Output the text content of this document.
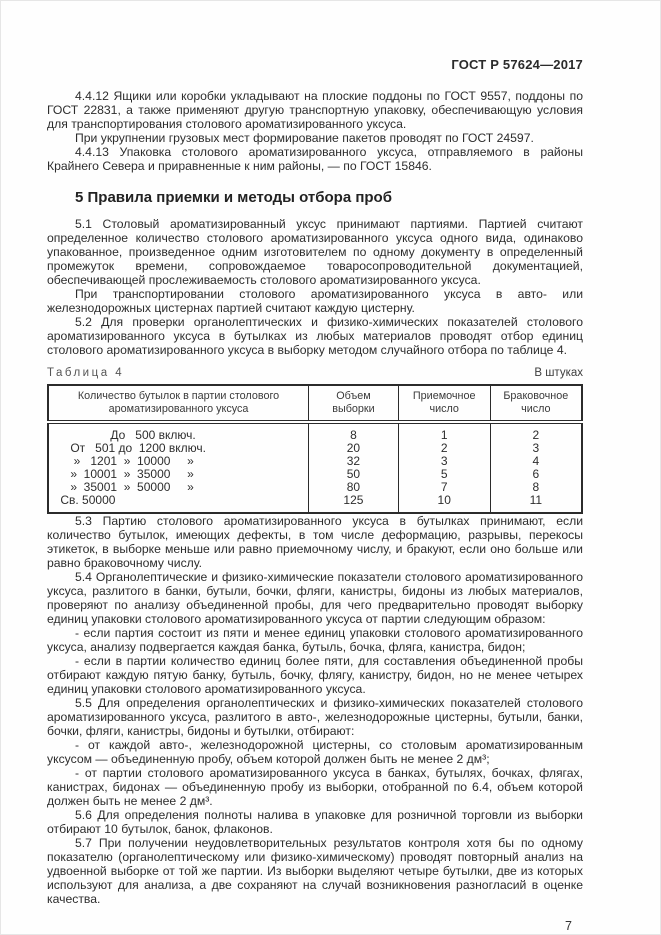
ГОСТ Р 57624—2017

4.4.12 Ящики или коробки укладывают на плоские поддоны по ГОСТ 9557, поддоны по ГОСТ 22831, а также применяют другую транспортную упаковку, обеспечивающую условия для транспортирования столового ароматизированного уксуса.

При укрупнении грузовых мест формирование пакетов проводят по ГОСТ 24597.

4.4.13 Упаковка столового ароматизированного уксуса, отправляемого в районы Крайнего Севера и приравненные к ним районы, — по ГОСТ 15846.

5 Правила приемки и методы отбора проб

5.1 Столовый ароматизированный уксус принимают партиями. Партией считают определенное количество столового ароматизированного уксуса одного вида, одинаково упакованное, произведенное одним изготовителем по одному документу в определенный промежуток времени, сопровождаемое товаросопроводительной документацией, обеспечивающей прослеживаемость столового ароматизированного уксуса.

При транспортировании столового ароматизированного уксуса в авто- или железнодорожных цистернах партией считают каждую цистерну.

5.2 Для проверки органолептических и физико-химических показателей столового ароматизированного уксуса в бутылках из любых материалов проводят отбор единиц столового ароматизированного уксуса в выборку методом случайного отбора по таблице 4.

Таблица 4	В штуках
Количество бутылок в партии столового ароматизированного уксуса	Объем выборки	Приемочное число	Браковочное число
До   500 включ.	8	1	2
От   501 до  1200 включ.	20	2	3
»   1201  »  10000     »	32	3	4
»  10001  »  35000     »	50	5	6
»  35001  »  50000     »	80	7	8
Св. 50000	125	10	11

5.3 Партию столового ароматизированного уксуса в бутылках принимают, если количество бутылок, имеющих дефекты, в том числе деформацию, разрывы, перекосы этикеток, в выборке меньше или равно приемочному числу, и бракуют, если оно больше или равно браковочному числу.

5.4 Органолептические и физико-химические показатели столового ароматизированного уксуса, разлитого в банки, бутыли, бочки, фляги, канистры, бидоны из любых материалов, проверяют по анализу объединенной пробы, для чего предварительно проводят выборку единиц упаковки столового ароматизированного уксуса от партии следующим образом:

- если партия состоит из пяти и менее единиц упаковки столового ароматизированного уксуса, анализу подвергается каждая банка, бутыль, бочка, фляга, канистра, бидон;

- если в партии количество единиц более пяти, для составления объединенной пробы отбирают каждую пятую банку, бутыль, бочку, флягу, канистру, бидон, но не менее четырех единиц упаковки столового ароматизированного уксуса.

5.5 Для определения органолептических и физико-химических показателей столового ароматизированного уксуса, разлитого в авто-, железнодорожные цистерны, бутыли, банки, бочки, фляги, канистры, бидоны и бутылки, отбирают:

- от каждой авто-, железнодорожной цистерны, со столовым ароматизированным уксусом — объединенную пробу, объем которой должен быть не менее 2 дм³;

- от партии столового ароматизированного уксуса в банках, бутылях, бочках, флягах, канистрах, бидонах — объединенную пробу из выборки, отобранной по 6.4, объем которой должен быть не менее 2 дм³.

5.6 Для определения полноты налива в упаковке для розничной торговли из выборки отбирают 10 бутылок, банок, флаконов.

5.7 При получении неудовлетворительных результатов контроля хотя бы по одному показателю (органолептическому или физико-химическому) проводят повторный анализ на удвоенной выборке от той же партии. Из выборки выделяют четыре бутылки, две из которых используют для анализа, а две сохраняют на случай возникновения разногласий в оценке качества.

7
